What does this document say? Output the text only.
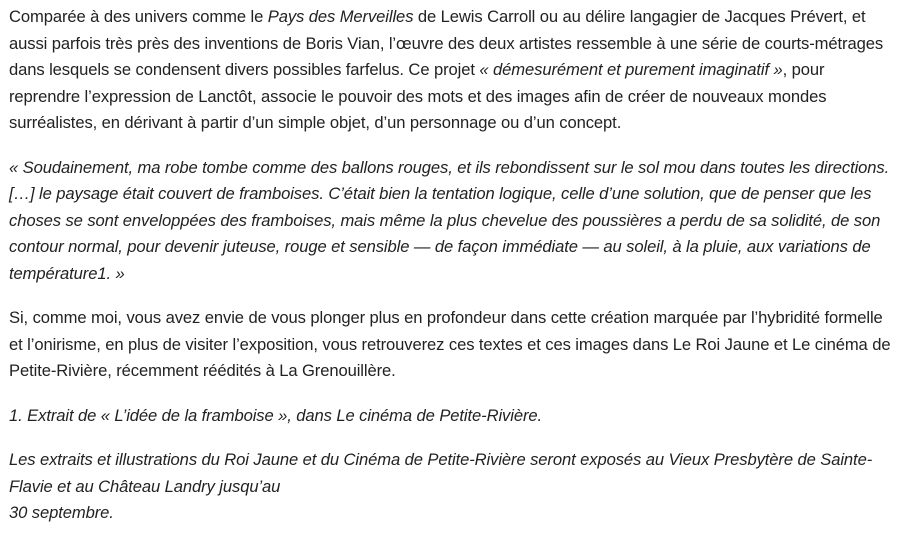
Comparée à des univers comme le Pays des Merveilles de Lewis Carroll ou au délire langagier de Jacques Prévert, et aussi parfois très près des inventions de Boris Vian, l’œuvre des deux artistes ressemble à une série de courts-métrages dans lesquels se condensent divers possibles farfelus. Ce projet « démesurément et purement imaginatif », pour reprendre l’expression de Lanctôt, associe le pouvoir des mots et des images afin de créer de nouveaux mondes surréalistes, en dérivant à partir d’un simple objet, d’un personnage ou d’un concept.

« Soudainement, ma robe tombe comme des ballons rouges, et ils rebondissent sur le sol mou dans toutes les directions. […] le paysage était couvert de framboises. C’était bien la tentation logique, celle d’une solution, que de penser que les choses se sont enveloppées des framboises, mais même la plus chevelue des poussières a perdu de sa solidité, de son contour normal, pour devenir juteuse, rouge et sensible — de façon immédiate — au soleil, à la pluie, aux variations de température1. »

Si, comme moi, vous avez envie de vous plonger plus en profondeur dans cette création marquée par l’hybridité formelle et l’onirisme, en plus de visiter l’exposition, vous retrouverez ces textes et ces images dans Le Roi Jaune et Le cinéma de Petite-Rivière, récemment réédités à La Grenouillère.

1. Extrait de « L’idée de la framboise », dans Le cinéma de Petite-Rivière.

Les extraits et illustrations du Roi Jaune et du Cinéma de Petite-Rivière seront exposés au Vieux Presbytère de Sainte-Flavie et au Château Landry jusqu’au
30 septembre.
